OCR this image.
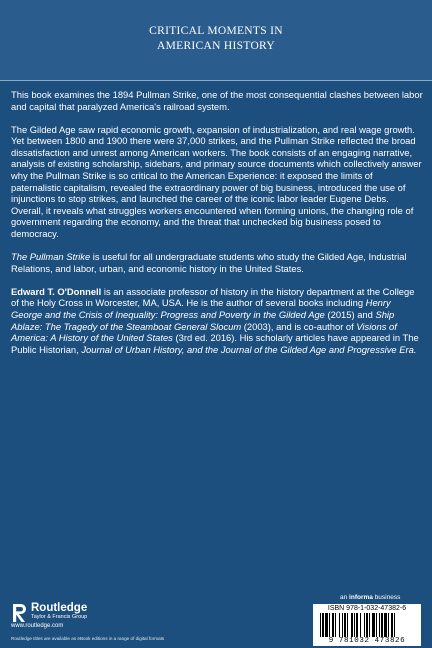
CRITICAL MOMENTS IN
AMERICAN HISTORY

This book examines the 1894 Pullman Strike, one of the most consequential clashes between labor and capital that paralyzed America's railroad system.

The Gilded Age saw rapid economic growth, expansion of industrialization, and real wage growth. Yet between 1800 and 1900 there were 37,000 strikes, and the Pullman Strike reflected the broad dissatisfaction and unrest among American workers. The book consists of an engaging narrative, analysis of existing scholarship, sidebars, and primary source documents which collectively answer why the Pullman Strike is so critical to the American Experience: it exposed the limits of paternalistic capitalism, revealed the extraordinary power of big business, introduced the use of injunctions to stop strikes, and launched the career of the iconic labor leader Eugene Debs. Overall, it reveals what struggles workers encountered when forming unions, the changing role of government regarding the economy, and the threat that unchecked big business posed to democracy.

The Pullman Strike is useful for all undergraduate students who study the Gilded Age, Industrial Relations, and labor, urban, and economic history in the United States.

Edward T. O'Donnell is an associate professor of history in the history department at the College of the Holy Cross in Worcester, MA, USA. He is the author of several books including Henry George and the Crisis of Inequality: Progress and Poverty in the Gilded Age (2015) and Ship Ablaze: The Tragedy of the Steamboat General Slocum (2003), and is co-author of Visions of America: A History of the United States (3rd ed. 2016). His scholarly articles have appeared in The Public Historian, Journal of Urban History, and the Journal of the Gilded Age and Progressive Era.

Routledge
Taylor & Francis Group
www.routledge.com
an informa business
ISBN 978-1-032-47382-6
9 781032 473826
Routledge titles are available as eBook editions in a range of digital formats
